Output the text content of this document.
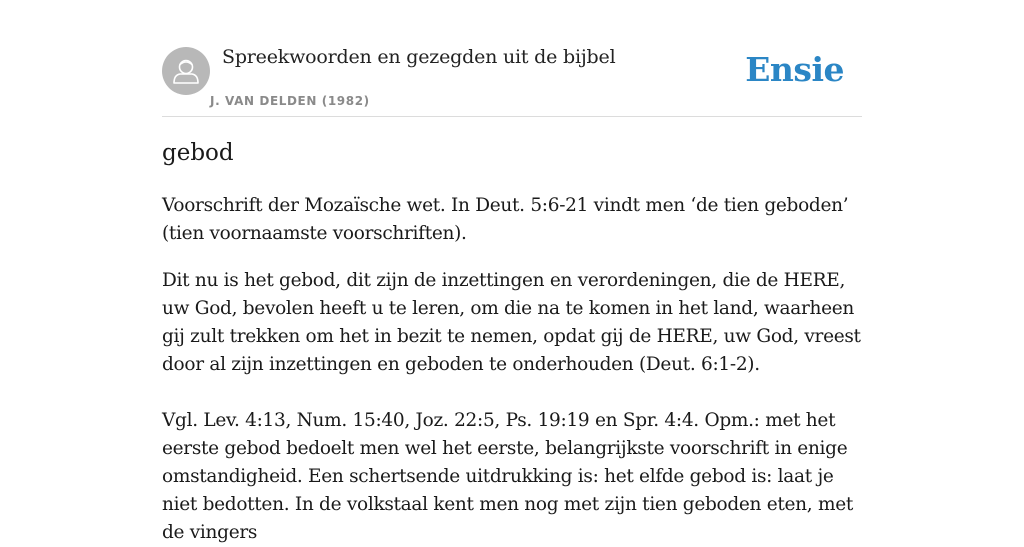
Spreekwoorden en gezegden uit de bijbel
J. VAN DELDEN (1982)
Ensie
gebod

Voorschrift der Mozaïsche wet. In Deut. 5:6-21 vindt men ‘de tien geboden’ (tien voornaamste voorschriften).

Dit nu is het gebod, dit zijn de inzettingen en verordeningen, die de HERE, uw God, bevolen heeft u te leren, om die na te komen in het land, waarheen gij zult trekken om het in bezit te nemen, opdat gij de HERE, uw God, vreest door al zijn inzettingen en geboden te onderhouden (Deut. 6:1-2).

Vgl. Lev. 4:13, Num. 15:40, Joz. 22:5, Ps. 19:19 en Spr. 4:4. Opm.: met het eerste gebod bedoelt men wel het eerste, belangrijkste voorschrift in enige omstandigheid. Een schertsende uitdrukking is: het elfde gebod is: laat je niet bedotten. In de volkstaal kent men nog met zijn tien geboden eten, met de vingers
